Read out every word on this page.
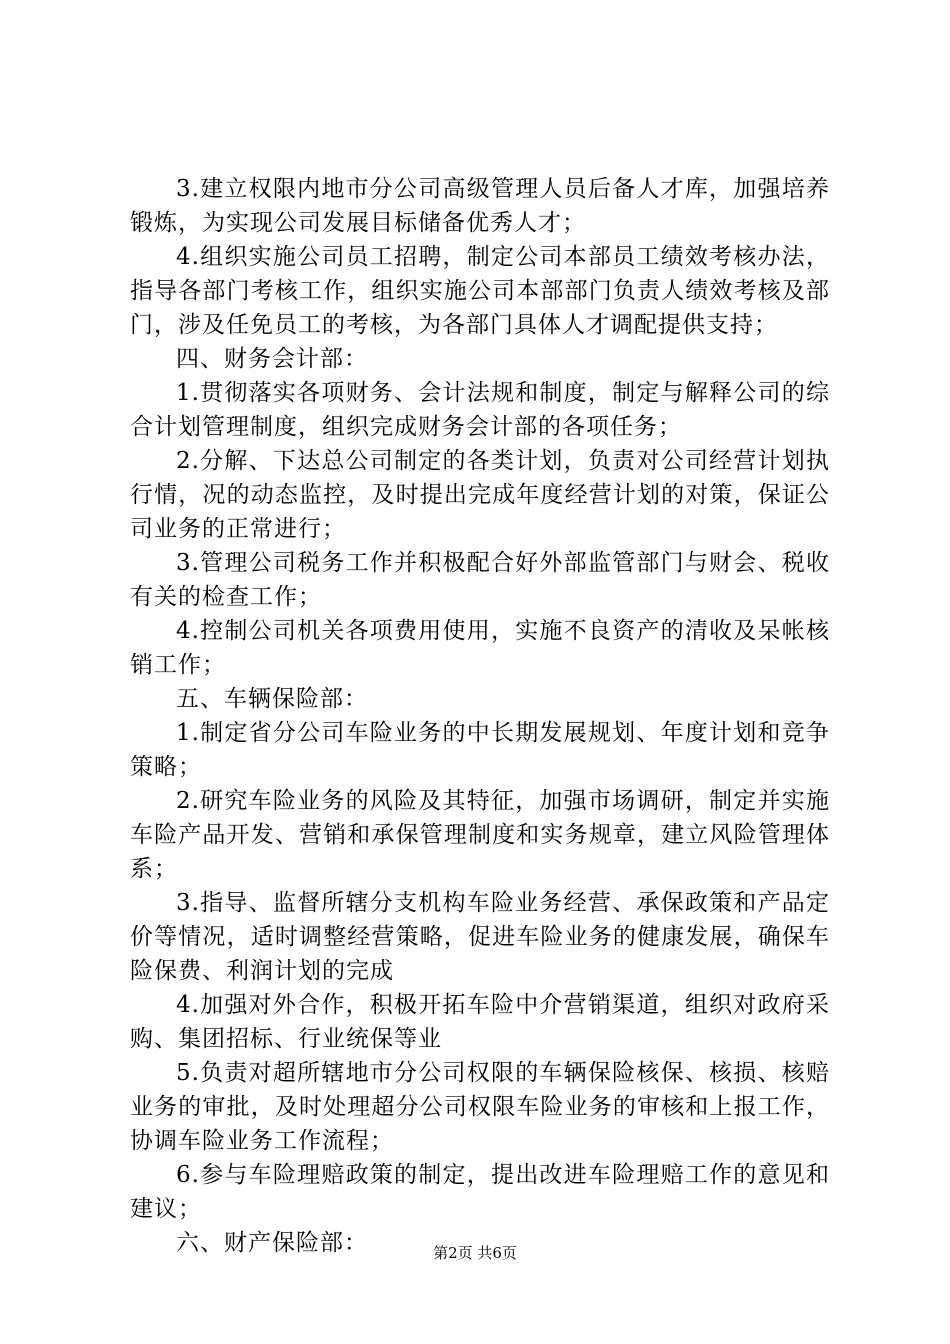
3.建立权限内地市分公司高级管理人员后备人才库，加强培养锻炼，为实现公司发展目标储备优秀人才；

4.组织实施公司员工招聘，制定公司本部员工绩效考核办法，指导各部门考核工作，组织实施公司本部部门负责人绩效考核及部门，涉及任免员工的考核，为各部门具体人才调配提供支持；

四、财务会计部：

1.贯彻落实各项财务、会计法规和制度，制定与解释公司的综合计划管理制度，组织完成财务会计部的各项任务；

2.分解、下达总公司制定的各类计划，负责对公司经营计划执行情，况的动态监控，及时提出完成年度经营计划的对策，保证公司业务的正常进行；

3.管理公司税务工作并积极配合好外部监管部门与财会、税收有关的检查工作；

4.控制公司机关各项费用使用，实施不良资产的清收及呆帐核销工作；

五、车辆保险部：

1.制定省分公司车险业务的中长期发展规划、年度计划和竞争策略；

2.研究车险业务的风险及其特征，加强市场调研，制定并实施车险产品开发、营销和承保管理制度和实务规章，建立风险管理体系；

3.指导、监督所辖分支机构车险业务经营、承保政策和产品定价等情况，适时调整经营策略，促进车险业务的健康发展，确保车险保费、利润计划的完成

4.加强对外合作，积极开拓车险中介营销渠道，组织对政府采购、集团招标、行业统保等业

5.负责对超所辖地市分公司权限的车辆保险核保、核损、核赔业务的审批，及时处理超分公司权限车险业务的审核和上报工作，协调车险业务工作流程；

6.参与车险理赔政策的制定，提出改进车险理赔工作的意见和建议；

六、财产保险部：	第2页 共6页
